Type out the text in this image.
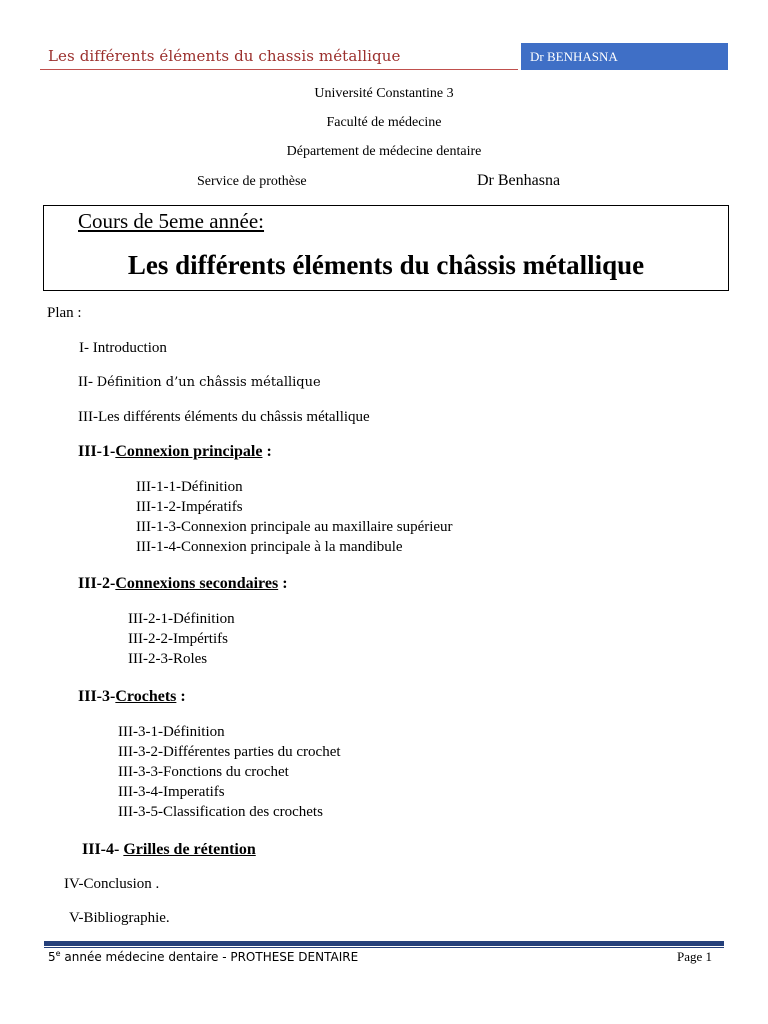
Les différents éléments du chassis métallique	Dr BENHASNA
Université Constantine 3
Faculté de médecine
Département de médecine dentaire
Service de prothèse	Dr Benhasna
Cours de 5eme année:
Les différents éléments du châssis métallique
Plan :
I- Introduction
II- Définition d’un châssis métallique
III-Les différents éléments du châssis métallique
III-1-Connexion principale :
III-1-1-Définition
III-1-2-Impératifs
III-1-3-Connexion principale au maxillaire supérieur
III-1-4-Connexion principale à la mandibule
III-2-Connexions secondaires :
III-2-1-Définition
III-2-2-Impértifs
III-2-3-Roles
III-3-Crochets :
III-3-1-Définition
III-3-2-Différentes parties du crochet
III-3-3-Fonctions du crochet
III-3-4-Imperatifs
III-3-5-Classification des crochets
III-4- Grilles de rétention
IV-Conclusion .
V-Bibliographie.
5e année médecine dentaire - PROTHESE DENTAIRE	Page 1
